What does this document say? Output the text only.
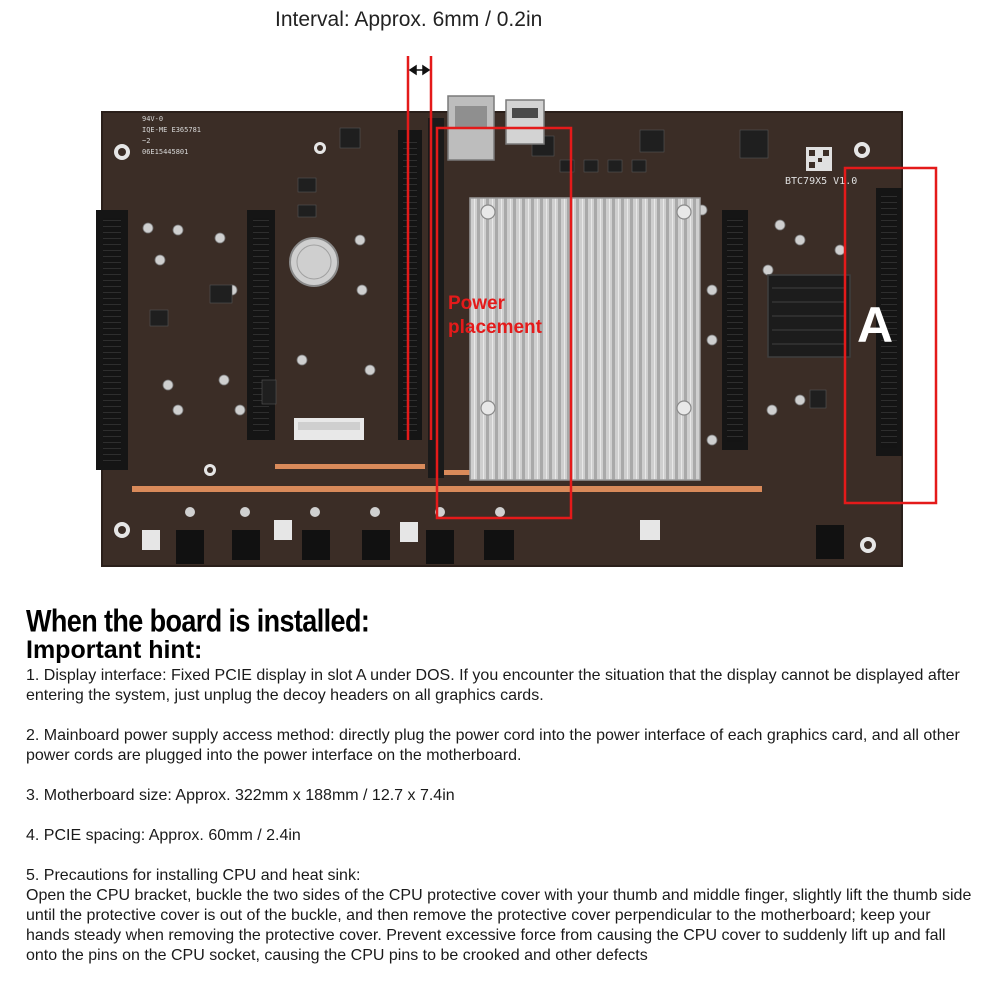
Interval: Approx. 6mm / 0.2in
94V-0
IQE-ME E365781
~2
06E15445801
Power
placement	A
BTC79X5 V1.0
When the board is installed:
Important hint:
1. Display interface: Fixed PCIE display in slot A under DOS. If you encounter the situation that the display cannot be displayed after entering the system, just unplug the decoy headers on all graphics cards.
2. Mainboard power supply access method: directly plug the power cord into the power interface of each graphics card, and all other power cords are plugged into the power interface on the motherboard.
3. Motherboard size: Approx. 322mm x 188mm / 12.7 x 7.4in
4. PCIE spacing: Approx. 60mm / 2.4in
5. Precautions for installing CPU and heat sink:
Open the CPU bracket, buckle the two sides of the CPU protective cover with your thumb and middle finger, slightly lift the thumb side until the protective cover is out of the buckle, and then remove the protective cover perpendicular to the motherboard; keep your hands steady when removing the protective cover. Prevent excessive force from causing the CPU cover to suddenly lift up and fall onto the pins on the CPU socket, causing the CPU pins to be crooked and other defects
